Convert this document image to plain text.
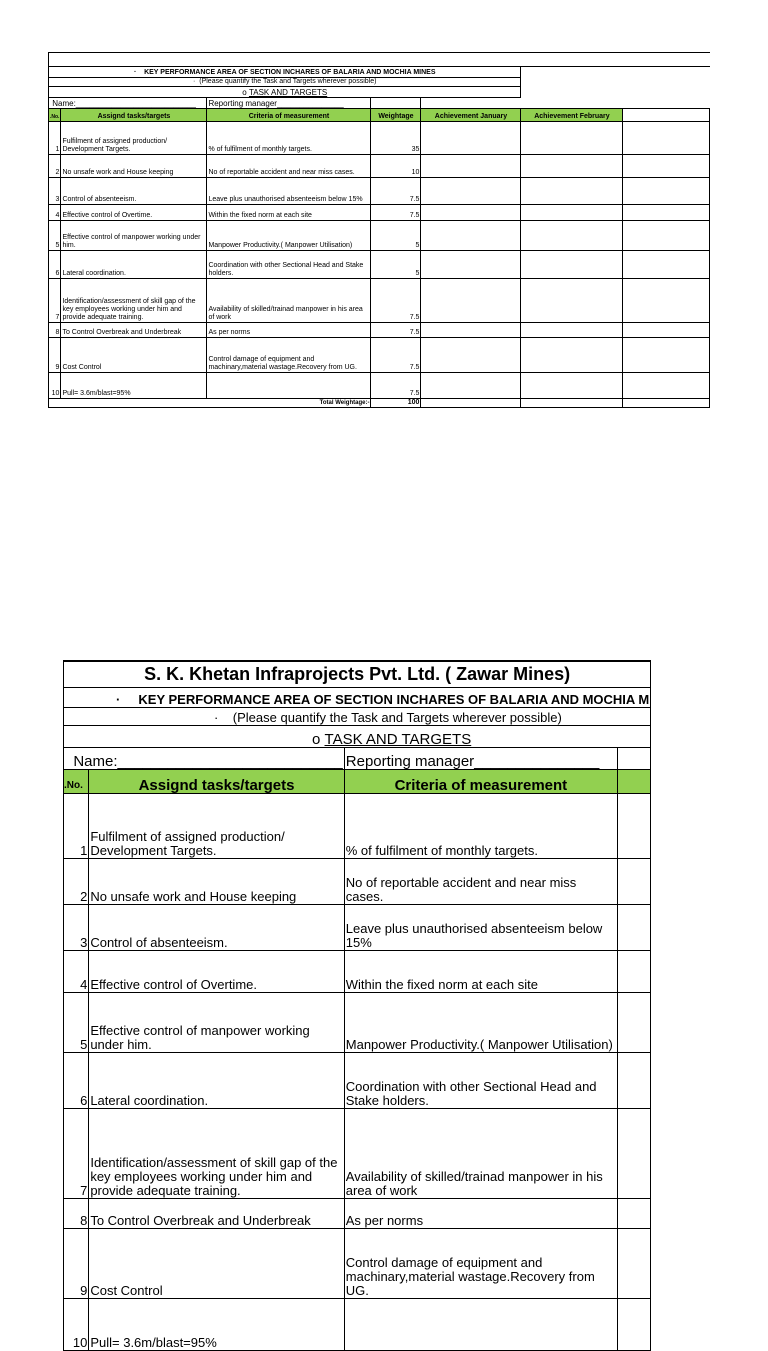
· KEY PERFORMANCE AREA OF SECTION INCHARES OF BALARIA AND MOCHIA MINES						
· (Please quantify the Task and Targets wherever possible)						
o TASK AND TARGETS						
Name:___________________________		Reporting manager_______________				
.No.	Assignd tasks/targets	Criteria of measurement	Weightage	Achievement January	Achievement February	
1	Fulfilment of assigned production/ Development Targets.	% of fulfilment of monthly targets.	35			
2	No unsafe work and House keeping	No of reportable accident and near miss cases.	10			
3	Control of absenteeism.	Leave plus unauthorised absenteeism below 15%	7.5			
4	Effective control of Overtime.	Within the fixed norm at each site	7.5			
5	Effective control of manpower working under him.	Manpower Productivity.( Manpower Utilisation)	5			
6	Lateral coordination.	Coordination with other Sectional Head and Stake holders.	5			
7	Identification/assessment of skill gap of the key employees working under him and provide adequate training.	Availability of skilled/trainad manpower in his area of work	7.5			
8	To Control Overbreak and Underbreak	As per norms	7.5			
9	Cost Control	Control damage of equipment and machinary,material wastage.Recovery from UG.	7.5			
10	Pull= 3.6m/blast=95%		7.5			
		Total Weightage:-	100			
S. K. Khetan Infraprojects Pvt. Ltd. ( Zawar Mines)			
· KEY PERFORMANCE AREA OF SECTION INCHARES OF BALARIA AND MOCHIA M			
· (Please quantify the Task and Targets wherever possible)			
o TASK AND TARGETS			
Name:___________________________		Reporting manager_______________	
.No.	Assignd tasks/targets	Criteria of measurement	
1	Fulfilment of assigned production/ Development Targets.	% of fulfilment of monthly targets.	
2	No unsafe work and House keeping	No of reportable accident and near miss cases.	
3	Control of absenteeism.	Leave plus unauthorised absenteeism below 15%	
4	Effective control of Overtime.	Within the fixed norm at each site	
5	Effective control of manpower working under him.	Manpower Productivity.( Manpower Utilisation)	
6	Lateral coordination.	Coordination with other Sectional Head and Stake holders.	
7	Identification/assessment of skill gap of the key employees working under him and provide adequate training.	Availability of skilled/trainad manpower in his area of work	
8	To Control Overbreak and Underbreak	As per norms	
9	Cost Control	Control damage of equipment and machinary,material wastage.Recovery from UG.	
10	Pull= 3.6m/blast=95%		
